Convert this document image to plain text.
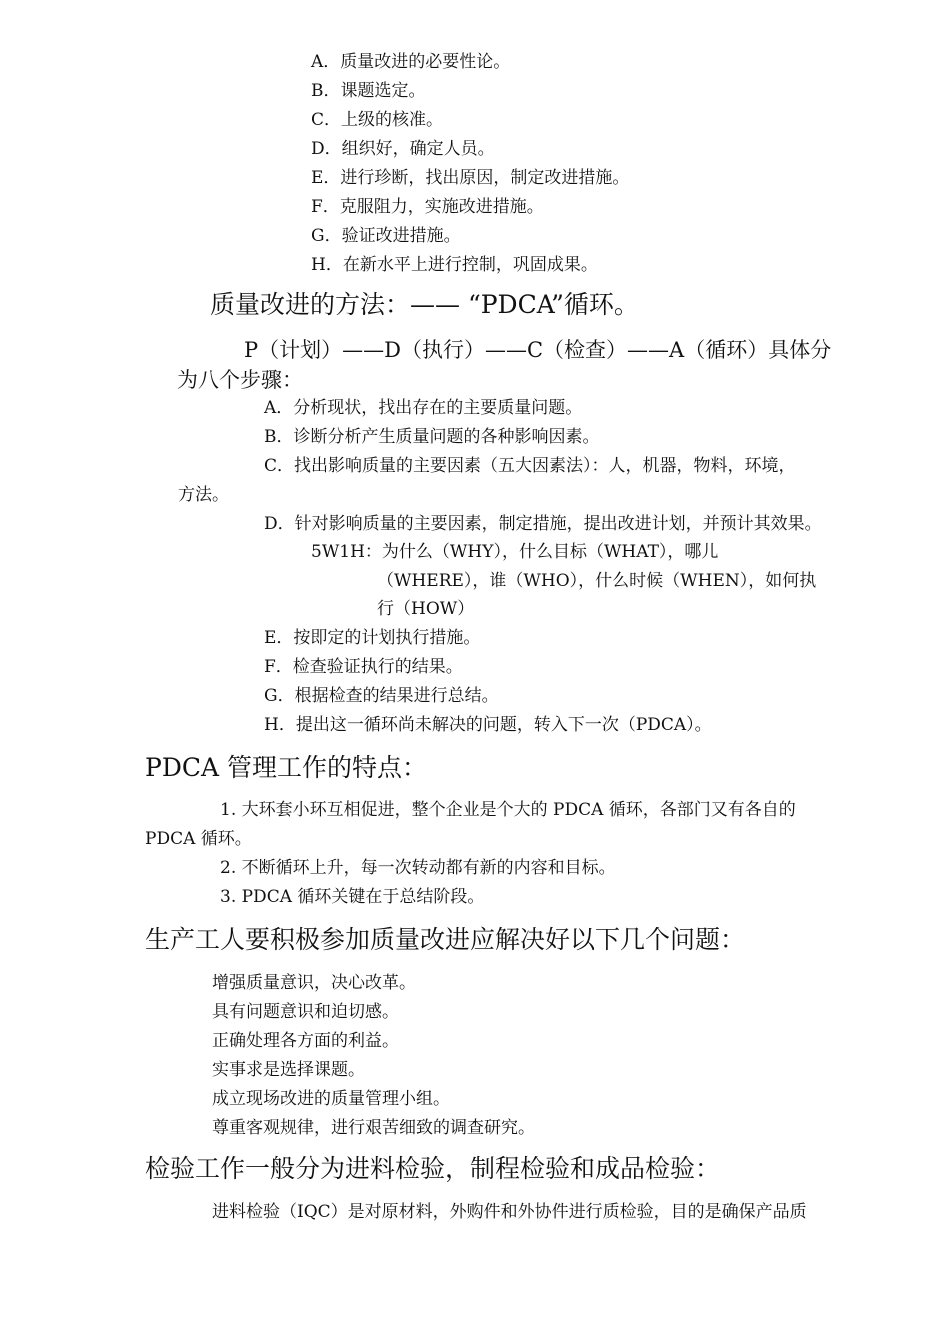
A．质量改进的必要性论。
B．课题选定。
C．上级的核准。
D．组织好，确定人员。
E．进行珍断，找出原因，制定改进措施。
F．克服阻力，实施改进措施。
G．验证改进措施。
H．在新水平上进行控制，巩固成果。
质量改进的方法：—— “PDCA”循环。
P（计划）——D（执行）——C（检查）——A（循环）具体分
为八个步骤：
A．分析现状，找出存在的主要质量问题。
B．诊断分析产生质量问题的各种影响因素。
C．找出影响质量的主要因素（五大因素法）：人，机器，物料，环境，
方法。
D．针对影响质量的主要因素，制定措施，提出改进计划，并预计其效果。
5W1H：为什么（WHY），什么目标（WHAT），哪儿
（WHERE），谁（WHO），什么时候（WHEN），如何执
行（HOW）
E．按即定的计划执行措施。
F．检查验证执行的结果。
G．根据检查的结果进行总结。
H．提出这一循环尚未解决的问题，转入下一次（PDCA）。
PDCA 管理工作的特点：
1. 大环套小环互相促进，整个企业是个大的 PDCA 循环，各部门又有各自的
PDCA 循环。
2. 不断循环上升，每一次转动都有新的内容和目标。
3. PDCA 循环关键在于总结阶段。
生产工人要积极参加质量改进应解决好以下几个问题：
增强质量意识，决心改革。
具有问题意识和迫切感。
正确处理各方面的利益。
实事求是选择课题。
成立现场改进的质量管理小组。
尊重客观规律，进行艰苦细致的调查研究。
检验工作一般分为进料检验，制程检验和成品检验：
进料检验（IQC）是对原材料，外购件和外协件进行质检验，目的是确保产品质
